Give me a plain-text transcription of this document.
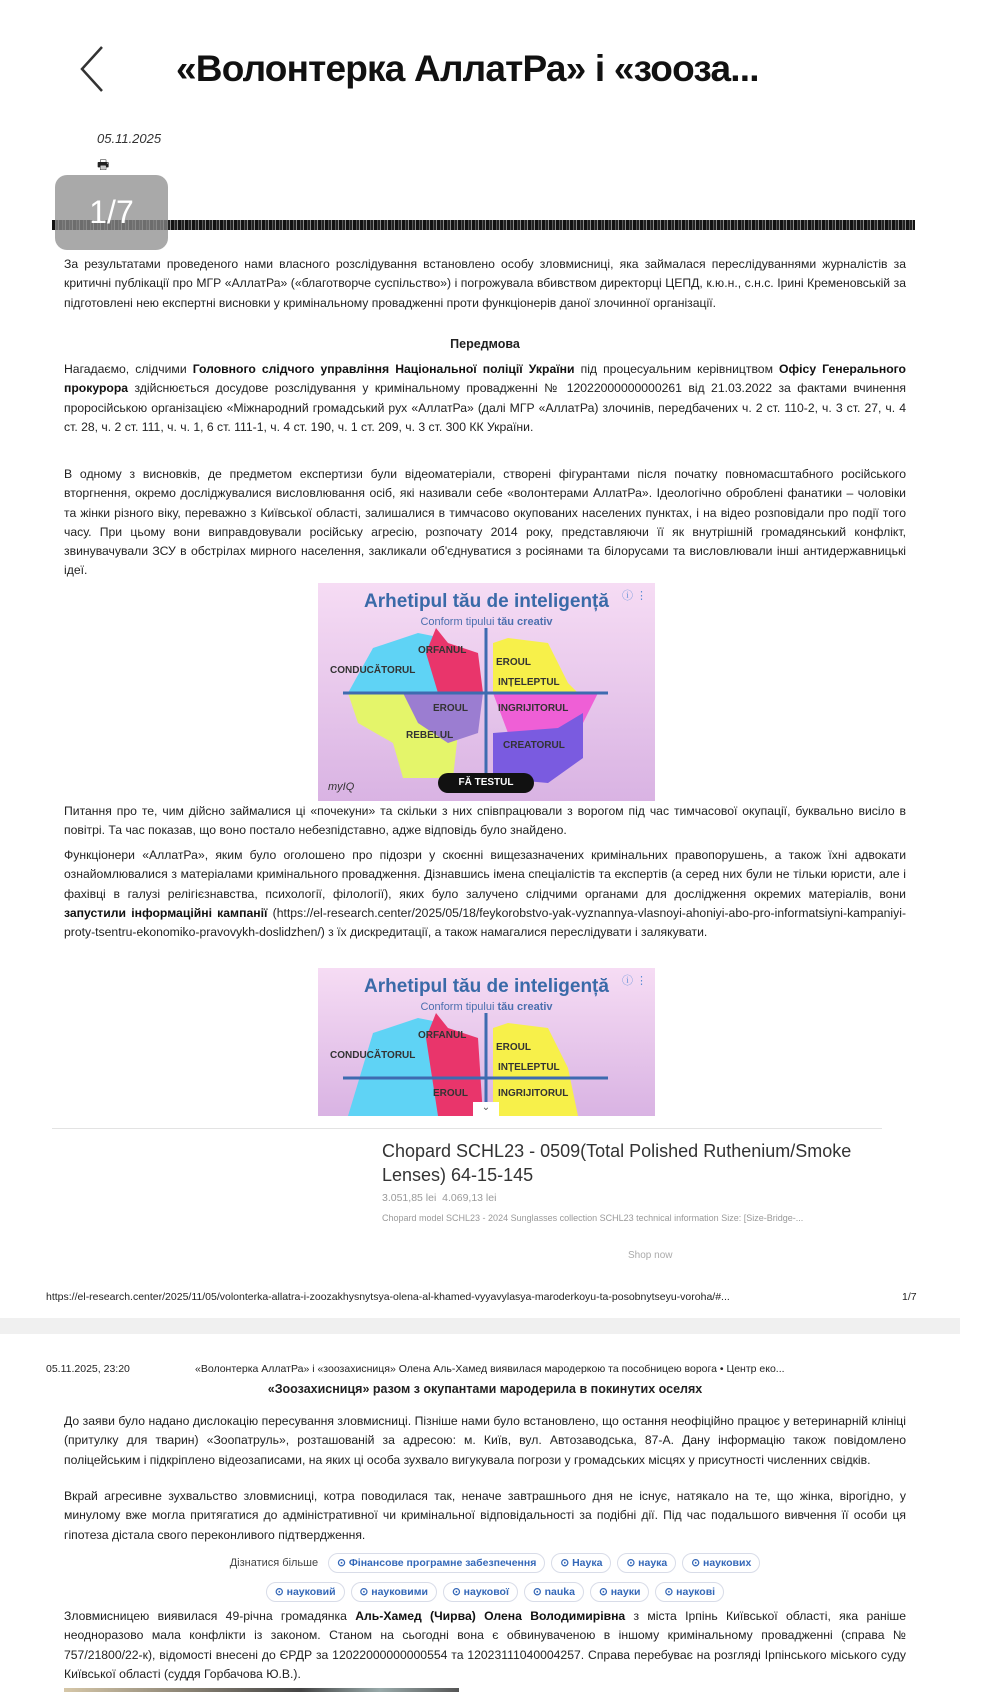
«Волонтерка АллатРа» і «зооза...
05.11.2025
🖶
1/7
За результатами проведеного нами власного розслідування встановлено особу зловмисниці, яка займалася переслідуваннями журналістів за критичні публікації про МГР «АллатРа» («благотворче суспільство») і погрожувала вбивством директорці ЦЕПД, к.ю.н., с.н.с. Ірині Кременовській за підготовлені нею експертні висновки у кримінальному провадженні проти функціонерів даної злочинної організації.
Передмова
Нагадаємо, слідчими Головного слідчого управління Національної поліції України під процесуальним керівництвом Офісу Генерального прокурора здійснюється досудове розслідування у кримінальному провадженні № 12022000000000261 від 21.03.2022 за фактами вчинення проросійською організацією «Міжнародний громадський рух «АллатРа» (далі МГР «АллатРа) злочинів, передбачених ч. 2 ст. 110-2, ч. 3 ст. 27, ч. 4 ст. 28, ч. 2 ст. 111, ч. ч. 1, 6 ст. 111-1, ч. 4 ст. 190, ч. 1 ст. 209, ч. 3 ст. 300 КК України.
В одному з висновків, де предметом експертизи були відеоматеріали, створені фігурантами після початку повномасштабного російського вторгнення, окремо досліджувалися висловлювання осіб, які називали себе «волонтерами АллатРа». Ідеологічно оброблені фанатики – чоловіки та жінки різного віку, переважно з Київської області, залишалися в тимчасово окупованих населених пунктах, і на відео розповідали про події того часу. При цьому вони виправдовували російську агресію, розпочату 2014 року, представляючи її як внутрішній громадянський конфлікт, звинувачували ЗСУ в обстрілах мирного населення, закликали об'єднуватися з росіянами та білорусами та висловлювали інші антидержавницькі ідеї.
Arhetipul tău de inteligență
Conform tipului tău creativ
ⓘ ⋮
ORFANUL
CONDUCĂTORUL
EROUL
INȚELEPTUL
EROUL	INGRIJITORUL
REBELUL
CREATORUL
myIQ	FĂ TESTUL
Питання про те, чим дійсно займалися ці «почекуни» та скільки з них співпрацювали з ворогом під час тимчасової окупації, буквально висіло в повітрі. Та час показав, що воно постало небезпідставно, адже відповідь було знайдено.
Функціонери «АллатРа», яким було оголошено про підозри у скоєнні вищезазначених кримінальних правопорушень, а також їхні адвокати ознайомлювалися з матеріалами кримінального провадження. Дізнавшись імена спеціалістів та експертів (а серед них були не тільки юристи, але і фахівці в галузі релігієзнавства, психології, філології), яких було залучено слідчими органами для дослідження окремих матеріалів, вони запустили інформаційні кампанії (https://el-research.center/2025/05/18/feykorobstvo-yak-vyznannya-vlasnoyi-ahoniyi-abo-pro-informatsiyni-kampaniyi-proty-tsentru-ekonomiko-pravovykh-doslidzhen/) з їх дискредитації, а також намагалися переслідувати і залякувати.
Arhetipul tău de inteligență
Conform tipului tău creativ
ⓘ ⋮
ORFANUL
CONDUCĂTORUL
EROUL
INȚELEPTUL
EROUL	INGRIJITORUL
⌄
Chopard SCHL23 - 0509(Total Polished Ruthenium/Smoke Lenses) 64-15-145
3.051,85 lei 4.069,13 lei
Chopard model SCHL23 - 2024 Sunglasses collection SCHL23 technical information Size: [Size-Bridge-...
Shop now
https://el-research.center/2025/11/05/volonterka-allatra-i-zoozakhysnytsya-olena-al-khamed-vyyavylasya-maroderkoyu-ta-posobnytseyu-voroha/#...	1/7
05.11.2025, 23:20	«Волонтерка АллатРа» і «зоозахисниця» Олена Аль-Хамед виявилася мародеркою та пособницею ворога • Центр еко...
«Зоозахисниця» разом з окупантами мародерила в покинутих оселях
До заяви було надано дислокацію пересування зловмисниці. Пізніше нами було встановлено, що остання неофіційно працює у ветеринарній клініці (притулку для тварин) «Зоопатруль», розташованій за адресою: м. Київ, вул. Автозаводська, 87-А. Дану інформацію також повідомлено поліцейським і підкріплено відеозаписами, на яких ці особа зухвало вигукувала погрози у громадських місцях у присутності численних свідків.
Вкрай агресивне зухвальство зловмисниці, котра поводилася так, неначе завтрашнього дня не існує, натякало на те, що жінка, вірогідно, у минулому вже могла притягатися до адміністративної чи кримінальної відповідальності за подібні дії. Під час подальшого вивчення її особи ця гіпотеза дістала свого переконливого підтвердження.
Дізнатися більше	⊙ Фінансове програмне забезпечення	⊙ Наука	⊙ наука	⊙ наукових
⊙ науковий	⊙ науковими	⊙ наукової	⊙ nauka	⊙ науки	⊙ наукові
Зловмисницею виявилася 49-річна громадянка Аль-Хамед (Чирва) Олена Володимирівна з міста Ірпінь Київської області, яка раніше неодноразово мала конфлікти із законом. Станом на сьогодні вона є обвинуваченою в іншому кримінальному провадженні (справа № 757/21800/22-к), відомості внесені до ЄРДР за 12022000000000554 та 12023111040004257. Справа перебуває на розгляді Ірпінського міського суду Київської області (суддя Горбачова Ю.В.).
